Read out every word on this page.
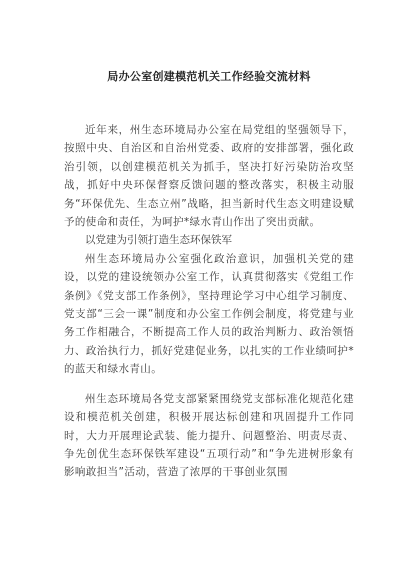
局办公室创建模范机关工作经验交流材料

近年来，州生态环境局办公室在局党组的坚强领导下，按照中央、自治区和自治州党委、政府的安排部署，强化政治引领，以创建模范机关为抓手，坚决打好污染防治攻坚战，抓好中央环保督察反馈问题的整改落实，积极主动服务“环保优先、生态立州”战略，担当新时代生态文明建设赋予的使命和责任，为呵护*绿水青山作出了突出贡献。

以党建为引领打造生态环保铁军

州生态环境局办公室强化政治意识，加强机关党的建设，以党的建设统领办公室工作，认真贯彻落实《党组工作条例》《党支部工作条例》，坚持理论学习中心组学习制度、党支部“三会一课”制度和办公室工作例会制度，将党建与业务工作相融合，不断提高工作人员的政治判断力、政治领悟力、政治执行力，抓好党建促业务，以扎实的工作业绩呵护*的蓝天和绿水青山。

州生态环境局各党支部紧紧围绕党支部标准化规范化建设和模范机关创建，积极开展达标创建和巩固提升工作同时，大力开展理论武装、能力提升、问题整治、明责尽责、争先创优生态环保铁军建设“五项行动”和“争先进树形象有影响敢担当”活动，营造了浓厚的干事创业氛围
